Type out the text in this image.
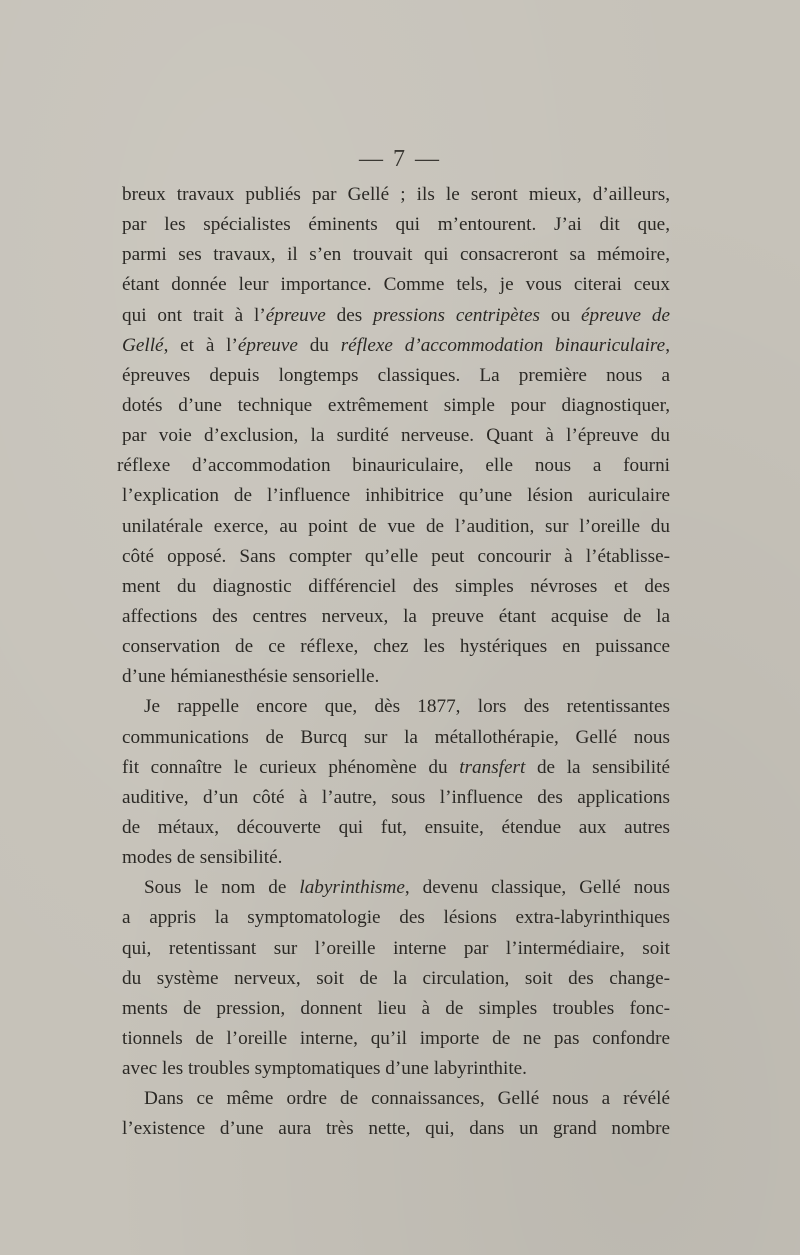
— 7 —
breux travaux publiés par Gellé ; ils le seront mieux, d’ailleurs,
par les spécialistes éminents qui m’entourent. J’ai dit que,
parmi ses travaux, il s’en trouvait qui consacreront sa mémoire,
étant donnée leur importance. Comme tels, je vous citerai ceux
qui ont trait à l’épreuve des pressions centripètes ou épreuve de
Gellé, et à l’épreuve du réflexe d’accommodation binauriculaire,
épreuves depuis longtemps classiques. La première nous a
dotés d’une technique extrêmement simple pour diagnostiquer,
par voie d’exclusion, la surdité nerveuse. Quant à l’épreuve du
réflexe d’accommodation binauriculaire, elle nous a fourni
l’explication de l’influence inhibitrice qu’une lésion auriculaire
unilatérale exerce, au point de vue de l’audition, sur l’oreille du
côté opposé. Sans compter qu’elle peut concourir à l’établisse-
ment du diagnostic différenciel des simples névroses et des
affections des centres nerveux, la preuve étant acquise de la
conservation de ce réflexe, chez les hystériques en puissance
d’une hémianesthésie sensorielle.
Je rappelle encore que, dès 1877, lors des retentissantes
communications de Burcq sur la métallothérapie, Gellé nous
fit connaître le curieux phénomène du transfert de la sensibilité
auditive, d’un côté à l’autre, sous l’influence des applications
de métaux, découverte qui fut, ensuite, étendue aux autres
modes de sensibilité.
Sous le nom de labyrinthisme, devenu classique, Gellé nous
a appris la symptomatologie des lésions extra-labyrinthiques
qui, retentissant sur l’oreille interne par l’intermédiaire, soit
du système nerveux, soit de la circulation, soit des change-
ments de pression, donnent lieu à de simples troubles fonc-
tionnels de l’oreille interne, qu’il importe de ne pas confondre
avec les troubles symptomatiques d’une labyrinthite.
Dans ce même ordre de connaissances, Gellé nous a révélé
l’existence d’une aura très nette, qui, dans un grand nombre
